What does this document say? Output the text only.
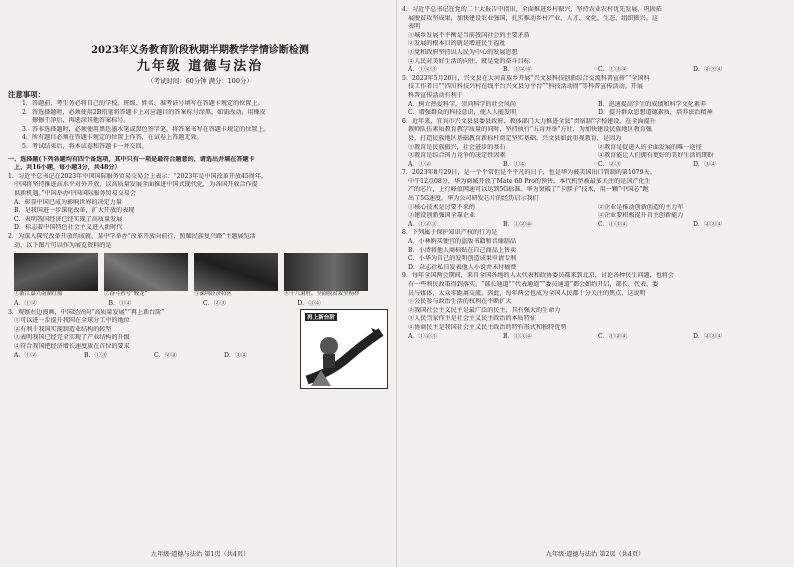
2023年义务教育阶段秋期半期教学学情诊断检测
九年级 道德与法治
（考试时间：60分钟 满分：100分）
注意事项：
1．答题前，考生务必将自己的学校、班级、姓名、准考证号填写在答题卡规定的位置上。
2．答选择题时，必须使用2B铅笔将答题卡上对应题目的答案标号涂黑，如需改动，用橡皮
擦擦干净后，再选涂其他答案标号。
3．答非选择题时，必须使用黑色墨水笔或黑色签字笔，将答案书写在答题卡规定的位置上。
4．所有题目必须在答题卡规定的位置上作答，在试卷上答题无效。
5．考试结束后，将本试卷和答题卡一并交回。
一、选择题(下列各题均有四个备选项，其中只有一项是最符合题意的，请选出并填在答题卡
上，共16小题，每小题3分，共48分）
1．习近平总书记在2023年中国国际服务贸易交易会上表示：“2023年是中国改革开放45周年，
中国将坚持推进高水平对外开放，以高质量发展全面推进中国式现代化，为各国开放合作提
供新机遇。”中国举办中国国际服务贸易交易会
A．彰显中国已成为影响世界的决定力量
B．是我国进一步深化改革，扩大开放的表现
C．表明我国经济已经实现了高质量发展
D．标志着中国特色社会主义进入新时代
2．为深入探究改革开放的成就，某中学举办“改革开放向前行，照耀民族复兴路”主题展览活
动，以下图片可以作为展览资料的是
①浙江嘉兴南湖红船	②奋斗者号“蛟龙”	③深圳经济特区	④十八洞村，全面脱贫攻坚榜样
A．①②	B．①④	C．②③	D．③④
3．观察右边漫画，中国经济向“高质量发展”“再上新台阶”
①可以进一步提升我国在全球分工中的地位
②有利于我国实现制造业结构的转型
③表明我国已经完全实现了产业结构的升级
④符合我国把经济增长速度放在首位的要求
A．①②	B．①③	C．②④	D．③④
再上新台阶
九年级·道德与法治 第1页（共4页）
4．习近平总书记在党的二十大报告中指出，全面推进乡村振兴，坚持农业农村优先发展，巩固拓
展脱贫攻坚成果，加快建设农业强国，扎实推动乡村产业、人才、文化、生态、组织振兴。这
表明
①城乡发展不平衡是当前我国社会的主要矛盾
②发展的根本目的就是增进民生福祉
③党和政府坚持以人民为中心的发展思想
④人民对美好生活的向往，就是党的奋斗目标
A．①②③	B．①②④	C．①③④	D．②③④
5．2023年5月26日，兴文县在大河苗族乡开展“兴文县科技创新综合交流科普宣传”“全国科
技工作者日”“四川科技兴村在线平台兴文县分平台”“科技活动周”等科普宣传活动。开展
科普宣传活动有利于
A．树立热爱科学，崇尚科学的社会风尚	B．迅速提高学生的成绩和科学文化素养
C．增强群众的科技意识，使人人能发明	D．提升群众思想道德素质，培养法治精神
6．近年来，宜宾市兴文县县委县政府、教体部门大力推进全县“责宿制”学校建设，在全面提升
教师队伍素质教育教学质量的同时，坚持执行“五育并举”方针，为加快建设民族地区教育强
县，打造民族地区基础教育新标杆奠定坚实基础，兴文县如此重视教育，是因为
①教育是民族振兴，社会进步的基石	②教育是促进人的全面发展的唯一途径
③教育是综合国力竞争的决定性因素	④教育能让人们拥有更好的美好生活的期盼
A．①②	B．①④	C．②③	D．③④
7．2023年8月29日，是一个平常但是不平凡的日子，也是华为被美国出口管制的第1079天。
中午12点08分，华为商城开放了Mate 60 Pro的预售。本代机型被最多关注的是国产化生
产的芯片，上行峰值网速可以达到5G标准。华为突破了“卡脖子”技术，用一颗“中国芯”跑
出了5G速度。华为公司研发芯片的经历启示我们
①核心技术是讨要不来的	②企业是推动创新创造的主力军
③建设创新强国全靠企业	④企业要积极提升自主创新能力
A．①②③	B．①②④	C．①③④	D．②③④
8．下列属于保护知识产权的行为是
A．小林购买便宜的盗版书籍和音像制品
B．小清将他人商标贴在自己商品上售卖
C．小华为自己的发明创造成果申请专利
D．杂志社私自发表他人小说并未付稿费
9．每年全国两会期间，来自全国各地的人大代表和政协委员都来到北京，讨论各种民生问题，也将会
有一些利民政策得到落实。“部长通道”“代表通道”“委员通道”都会如约开启，部长、代表、委
员与媒体，大众零距离交流。因此，每年两会也成为全国人民都十分关注的焦点，这说明
①公民参与政治生活的权利在不断扩大
②我国社会主义民主是最广泛的民主，具有强大的生命力
③人民当家作主是社会主义民主政治的本质特征
④协商民主是我国社会主义民主政治的特有形式和独特优势
A．①②③	B．①③④	C．①②④	D．②③④
九年级·道德与法治 第2页（共4页）
